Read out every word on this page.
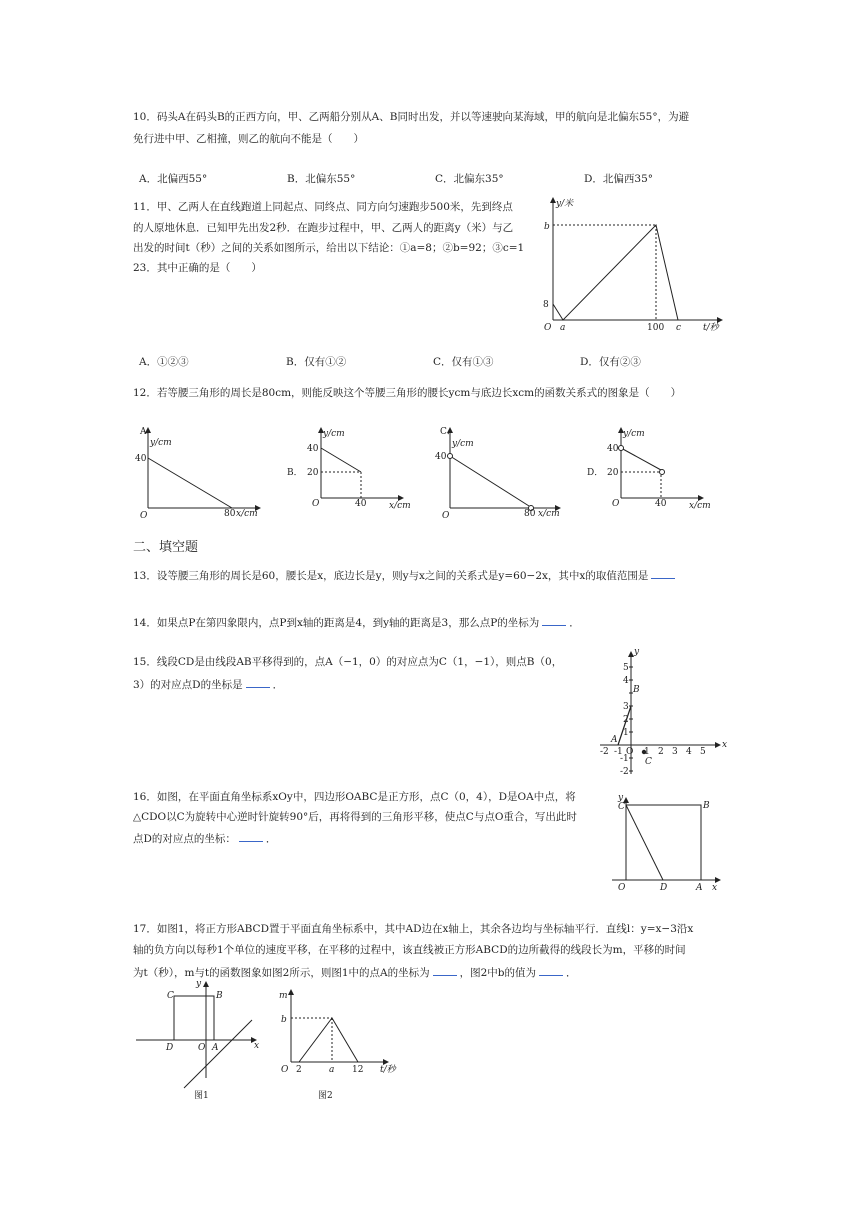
10．码头A在码头B的正西方向，甲、乙两船分别从A、B同时出发，并以等速驶向某海域，甲的航向是北偏东55°，为避
免行进中甲、乙相撞，则乙的航向不能是（　　）
A．北偏西55°	B．北偏东55°	C．北偏东35°	D．北偏西35°
11．甲、乙两人在直线跑道上同起点、同终点、同方向匀速跑步500米，先到终点
的人原地休息．已知甲先出发2秒．在跑步过程中，甲、乙两人的距离y（米）与乙
出发的时间t（秒）之间的关系如图所示，给出以下结论：①a=8；②b=92；③c=1
23．其中正确的是（　　）
y/米
b
8
O a	100 c t/秒
A．①②③	B．仅有①②	C．仅有①③	D．仅有②③
12．若等腰三角形的周长是80cm，则能反映这个等腰三角形的腰长ycm与底边长xcm的函数关系式的图象是（　　）
A．
y/cm
40
O	80 x/cm
y/cm
40
B． 20
O	40	x/cm
C．
y/cm
40
O	80 x/cm
y/cm
40
D． 20
O	40	x/cm
二、填空题
13．设等腰三角形的周长是60，腰长是x，底边长是y，则y与x之间的关系式是y=60−2x，其中x的取值范围是
14．如果点P在第四象限内，点P到x轴的距离是4，到y轴的距离是3，那么点P的坐标为	．
15．线段CD是由线段AB平移得到的，点A（−1，0）的对应点为C（1，−1），则点B（0，
3）的对应点D的坐标是	．
y
x
5
4
3
B
2
1
A
-1
-2
-2 -1 O 1 2 3 4 5
C
16．如图，在平面直角坐标系xOy中，四边形OABC是正方形，点C（0，4），D是OA中点，将
△CDO以C为旋转中心逆时针旋转90°后，再将得到的三角形平移，使点C与点O重合，写出此时
点D的对应点的坐标：	．
y
C	B
O	D	A x
17．如图1，将正方形ABCD置于平面直角坐标系中，其中AD边在x轴上，其余各边均与坐标轴平行．直线l：y=x−3沿x
轴的负方向以每秒1个单位的速度平移，在平移的过程中，该直线被正方形ABCD的边所截得的线段长为m，平移的时间
为t（秒），m与t的函数图象如图2所示，则图1中的点A的坐标为	，图2中b的值为	．
y
C	B
D	O A	x
图1
m
b
O 2	a 12 t/秒
图2
